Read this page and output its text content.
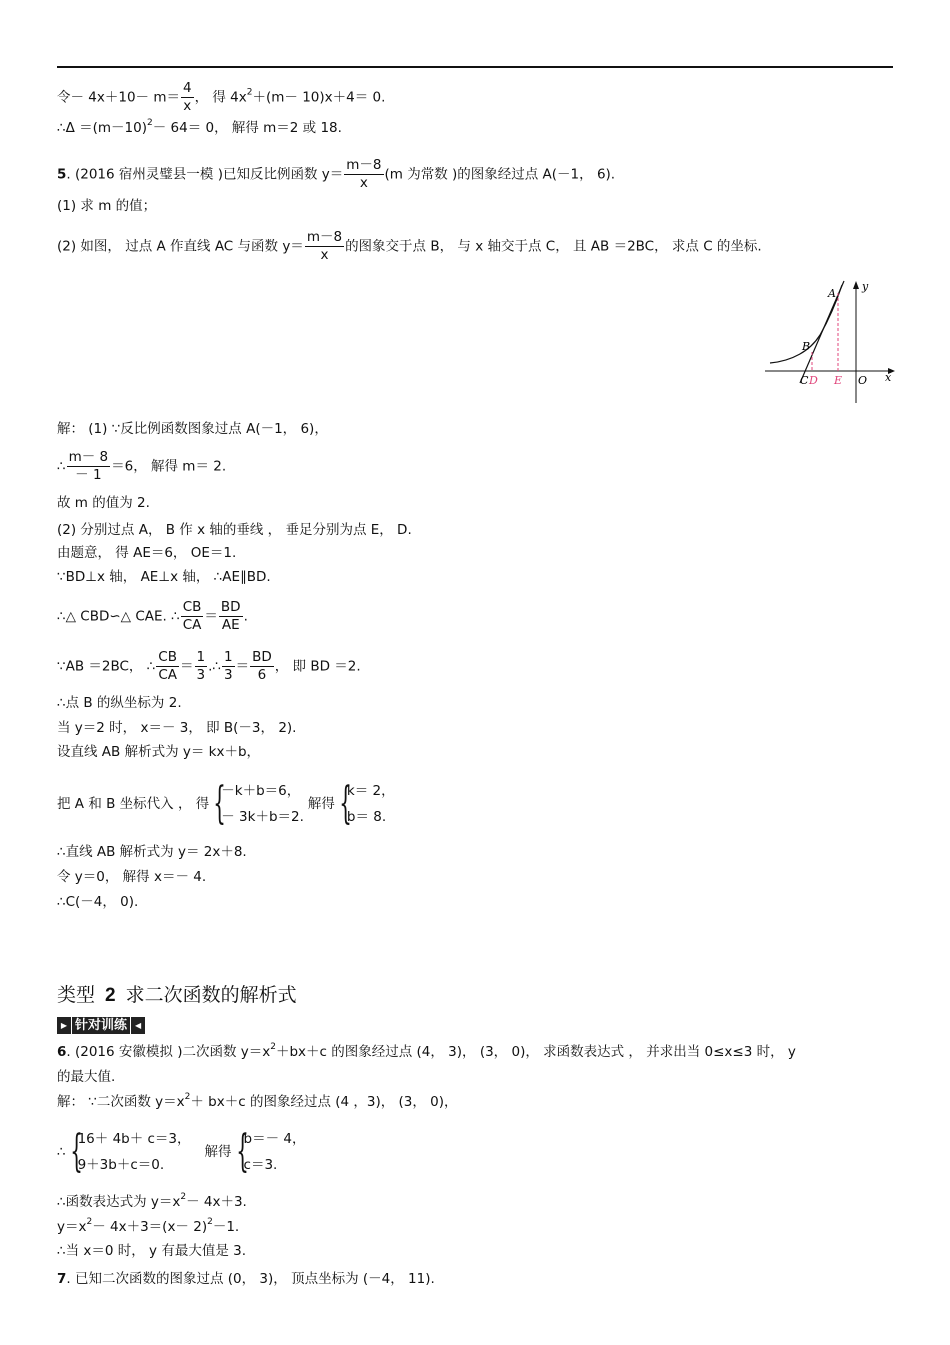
令－ $4x+10- m= \frac{4}{x}$ ， 得 $4x^2+(m- 10)x+4= 0$.
∴Δ $=(m-10)^2- 64= 0$， 解得 m＝2 或 18.
5. (2016 宿州灵璧县一模 )已知反比例函数 $y= \frac{m-8}{x} (m$ 为常数 )的图象经过点 A(－1， 6).
(1) 求 m 的值；
(2) 如图， 过点 A 作直线 AC 与函数 $y= \frac{m-8}{x}$ 的图象交于点 B， 与 x 轴交于点 C， 且 AB ＝2BC， 求点 C 的坐标.
A
B
C D E O x
y
解： (1) ∵反比例函数图象过点 A(－1， 6)，
∴ $\frac{m- 8}{- 1} =6$， 解得 m＝ 2.
故 m 的值为 2.
(2) 分别过点 A， B 作 x 轴的垂线 ， 垂足分别为点 E， D.
由题意， 得 AE＝6， OE＝1.
∵BD⊥x 轴， AE⊥x 轴， ∴AE∥BD.
∴△ CBD∽△ CAE. ∴ $\frac{CB}{CA} = \frac{BD}{AE}$ .
∵AB ＝2BC， ∴ $\frac{CB}{CA} = \frac{1}{3}$ .∴ $\frac{1}{3} = \frac{BD}{6}$ ， 即 BD ＝2.
∴点 B 的纵坐标为 2.
当 y＝2 时， x＝－ 3， 即 B(－3， 2).
设直线 AB 解析式为 y＝ kx＋b，
把 A 和 B 坐标代入 ， 得 {
－k＋b＝6，
－ 3k＋b＝2.
解得 {
k＝ 2，
b＝ 8.
∴直线 AB 解析式为 y＝ 2x＋8.
令 y＝0， 解得 x＝－ 4.
∴C(－4， 0).
类型 2 求二次函数的解析式
▶ 针对训练 ◀
6. (2016 安徽模拟 )二次函数 $y=x^2+bx+c$ 的图象经过点 (4， 3)， (3， 0)， 求函数表达式 ， 并求出当 0≤x≤3 时， y
的最大值.
解： ∵二次函数 $y=x^2+ bx+c$ 的图象经过点 (4 ，3)， (3， 0)，
∴ {
16＋ 4b＋ c＝3，
9＋3b＋c＝0.
解得 {
b＝－ 4，
c＝3.
∴函数表达式为 $y=x^2- 4x+3$.
$y=x^2- 4x+3=(x- 2)^2-1$.
∴当 x＝0 时， y 有最大值是 3.
7. 已知二次函数的图象过点 (0， 3)， 顶点坐标为 (－4， 11).
